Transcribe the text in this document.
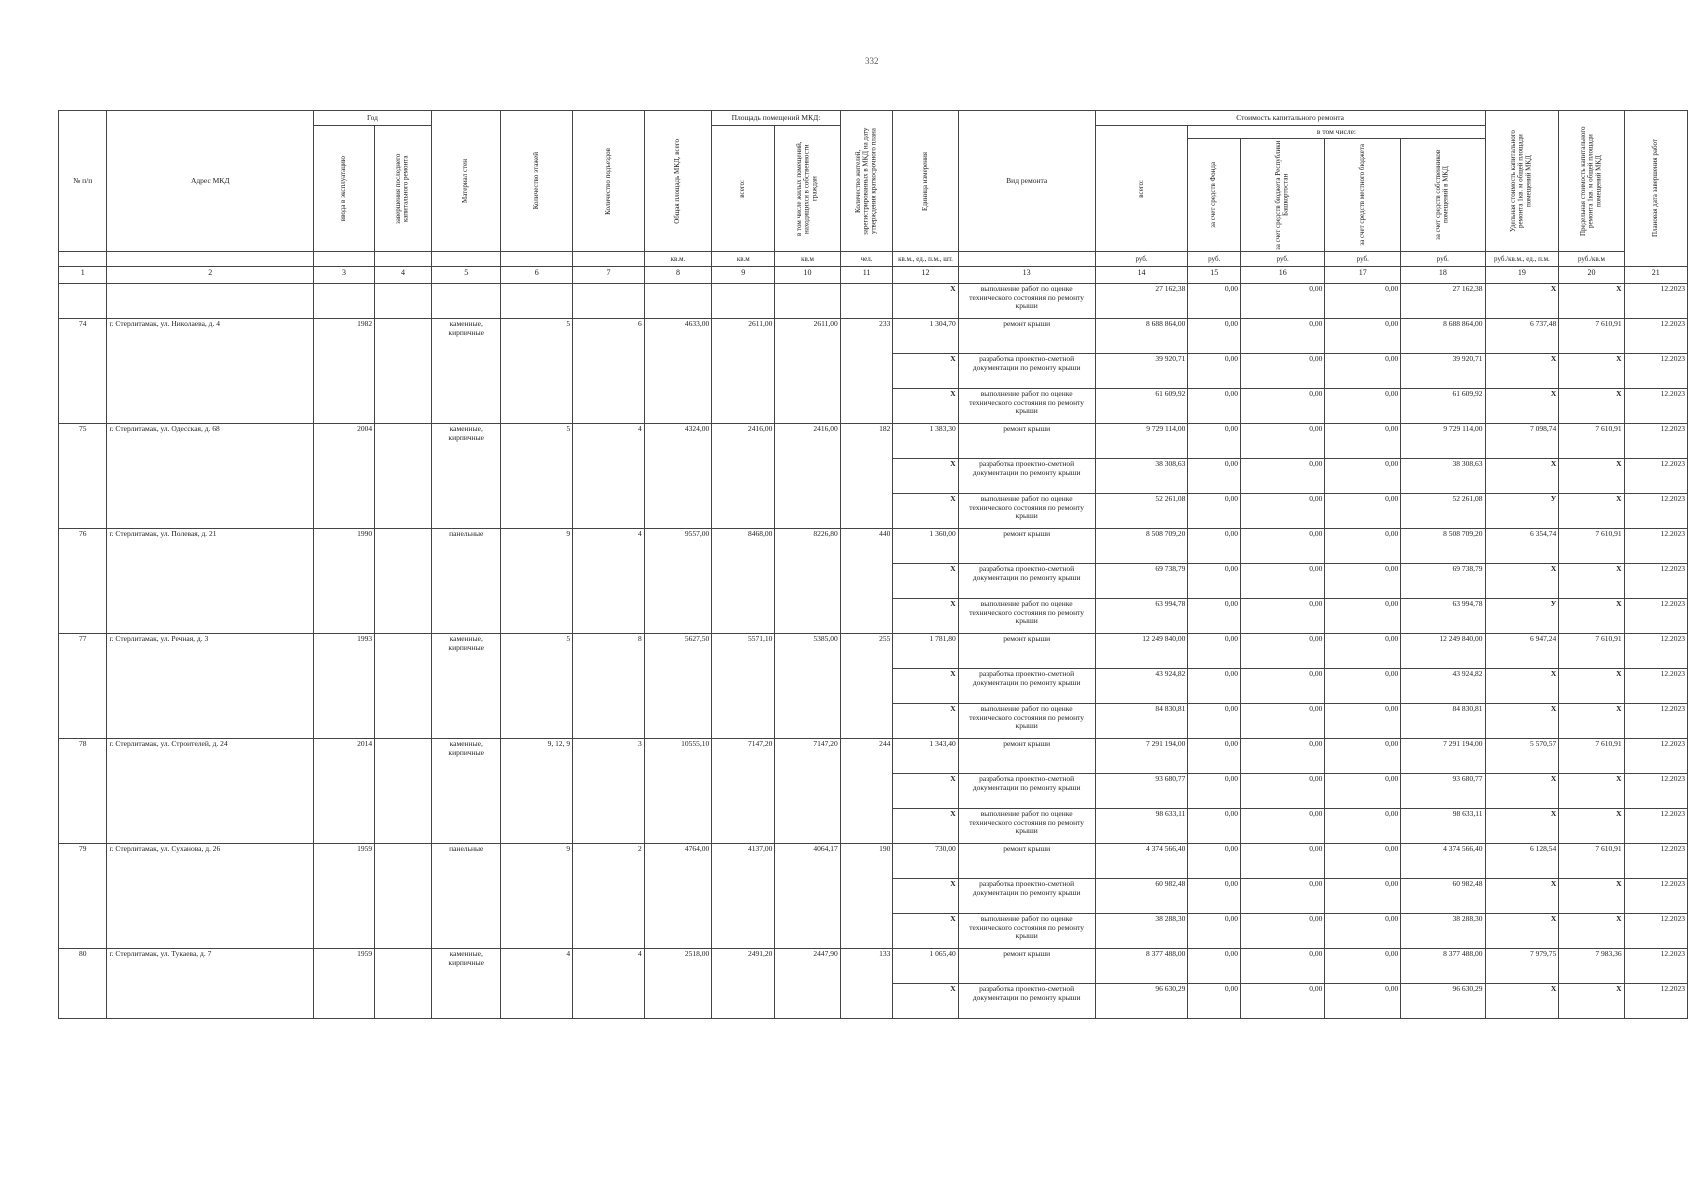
332
№ п/п	Адрес МКД	Год		Материал стен	Количество этажей	Количество подъездов	Общая площадь МКД, всего	Площадь помещений МКД:		Количество жителей, зарегистрированных в МКД на дату утверждения краткосрочного плана	Единица измерения	Вид ремонта	Стоимость капитального ремонта					Удельная стоимость капитального ремонта 1кв. м общей площади помещений МКД	Предельная стоимость капитального ремонта 1кв. м общей площади помещений МКД	Плановая дата завершения работ

		ввода в эксплуатацию	завершения последнего капитального ремонта					всего:	в том числе жилых помещений, находящихся в собственности граждан				всего:	в том числе:						

														за счет средств Фонда	за счет средств бюджета Республики Башкортостан	за счет средств местного бюджета	за счет средств собственников помещений в МКД			

							кв.м.	кв.м	кв.м	чел.	кв.м., ед., п.м., шт.		руб.	руб.	руб.	руб.	руб.	руб./кв.м., ед., п.м.	руб./кв.м	
1	2	3	4	5	6	7	8	9	10	11	12	13	14	15	16	17	18	19	20	21
											X	выполнение работ по оценке технического состояния по ремонту крыши	27 162,38	0,00	0,00	0,00	27 162,38	X	X	12.2023
74	г. Стерлитамак, ул. Николаева, д. 4	1982		каменные, кирпичные	5	6	4633,00	2611,00	2611,00	233	1 304,70	ремонт крыши	8 688 864,00	0,00	0,00	0,00	8 688 864,00	6 737,48	7 610,91	12.2023
											X	разработка проектно-сметной документации по ремонту крыши	39 920,71	0,00	0,00	0,00	39 920,71	X	X	12.2023
											X	выполнение работ по оценке технического состояния по ремонту крыши	61 609,92	0,00	0,00	0,00	61 609,92	X	X	12.2023
75	г. Стерлитамак, ул. Одесская, д. 68	2004		каменные, кирпичные	5	4	4324,00	2416,00	2416,00	182	1 383,30	ремонт крыши	9 729 114,00	0,00	0,00	0,00	9 729 114,00	7 098,74	7 610,91	12.2023
											X	разработка проектно-сметной документации по ремонту крыши	38 308,63	0,00	0,00	0,00	38 308,63	X	X	12.2023
											X	выполнение работ по оценке технического состояния по ремонту крыши	52 261,08	0,00	0,00	0,00	52 261,08	У	X	12.2023
76	г. Стерлитамак, ул. Полевая, д. 21	1990		панельные	9	4	9557,00	8468,00	8226,80	440	1 360,00	ремонт крыши	8 508 709,20	0,00	0,00	0,00	8 508 709,20	6 354,74	7 610,91	12.2023
											X	разработка проектно-сметной документации по ремонту крыши	69 738,79	0,00	0,00	0,00	69 738,79	X	X	12.2023
											X	выполнение работ по оценке технического состояния по ремонту крыши	63 994,78	0,00	0,00	0,00	63 994,78	У	X	12.2023
77	г. Стерлитамак, ул. Речная, д. 3	1993		каменные, кирпичные	5	8	5627,50	5571,10	5385,00	255	1 781,80	ремонт крыши	12 249 840,00	0,00	0,00	0,00	12 249 840,00	6 947,24	7 610,91	12.2023
											X	разработка проектно-сметной документации по ремонту крыши	43 924,82	0,00	0,00	0,00	43 924,82	X	X	12.2023
											X	выполнение работ по оценке технического состояния по ремонту крыши	84 830,81	0,00	0,00	0,00	84 830,81	X	X	12.2023
78	г. Стерлитамак, ул. Строителей, д. 24	2014		каменные, кирпичные	9, 12, 9	3	10555,10	7147,20	7147,20	244	1 343,40	ремонт крыши	7 291 194,00	0,00	0,00	0,00	7 291 194,00	5 570,57	7 610,91	12.2023
											X	разработка проектно-сметной документации по ремонту крыши	93 680,77	0,00	0,00	0,00	93 680,77	X	X	12.2023
											X	выполнение работ по оценке технического состояния по ремонту крыши	98 633,11	0,00	0,00	0,00	98 633,11	X	X	12.2023
79	г. Стерлитамак, ул. Суханова, д. 26	1959		панельные	9	2	4764,00	4137,00	4064,17	190	730,00	ремонт крыши	4 374 566,40	0,00	0,00	0,00	4 374 566,40	6 128,54	7 610,91	12.2023
											X	разработка проектно-сметной документации по ремонту крыши	60 982,48	0,00	0,00	0,00	60 982,48	X	X	12.2023
											X	выполнение работ по оценке технического состояния по ремонту крыши	38 288,30	0,00	0,00	0,00	38 288,30	X	X	12.2023
80	г. Стерлитамак, ул. Тукаева, д. 7	1959		каменные, кирпичные	4	4	2518,00	2491,20	2447,90	133	1 065,40	ремонт крыши	8 377 488,00	0,00	0,00	0,00	8 377 488,00	7 979,75	7 983,36	12.2023
											X	разработка проектно-сметной документации по ремонту крыши	96 630,29	0,00	0,00	0,00	96 630,29	X	X	12.2023
